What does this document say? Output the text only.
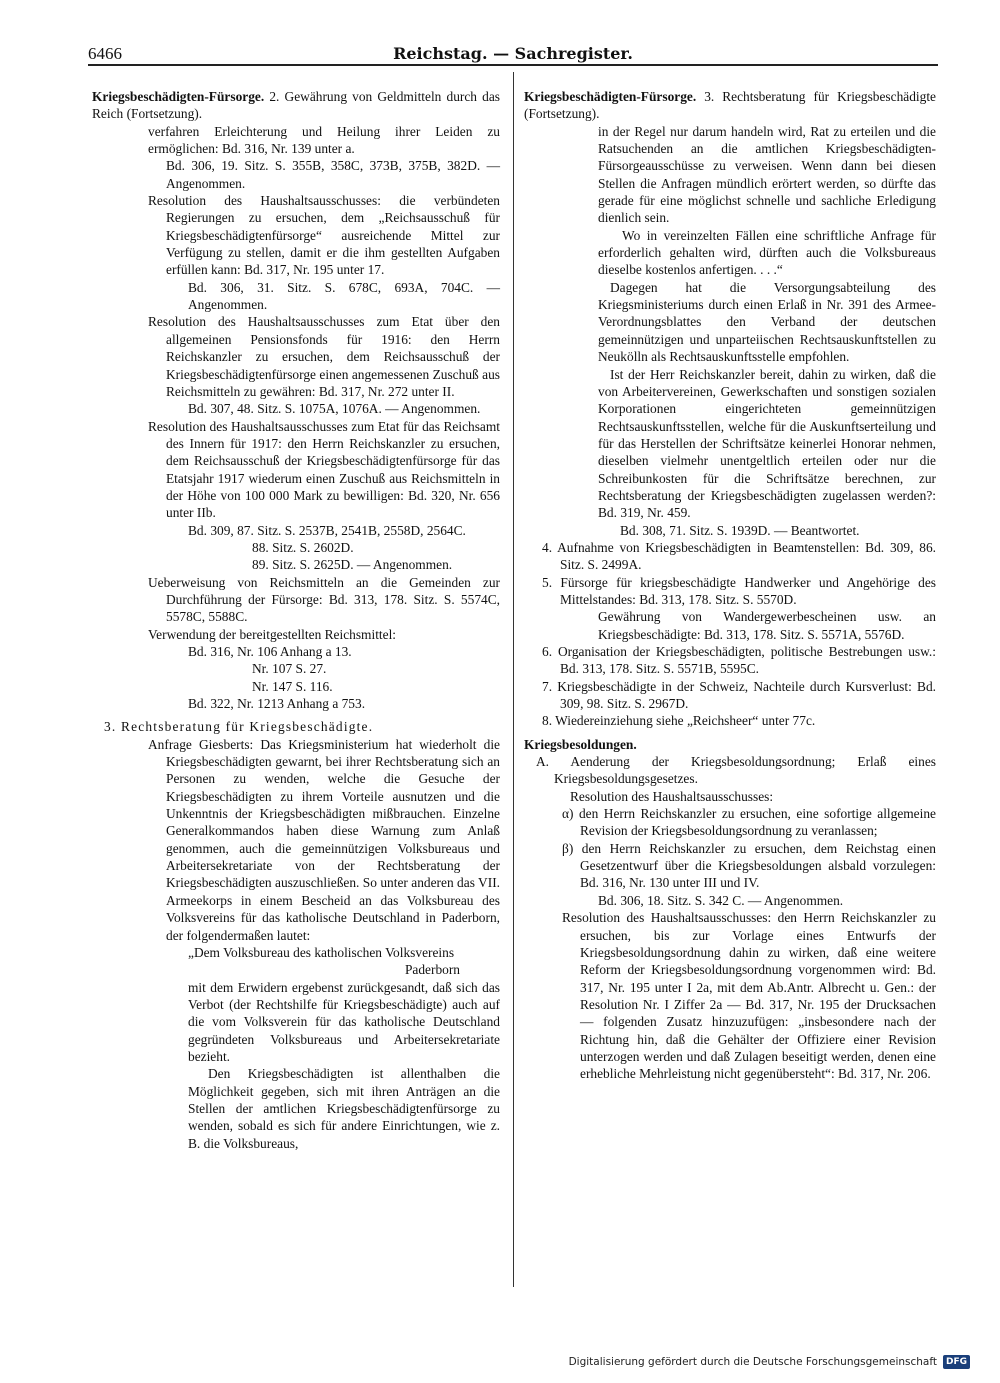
6466	Reichstag. — Sachregister.

Kriegsbeschädigten-Fürsorge. 2. Gewährung von Geldmitteln durch das Reich (Fortsetzung).

verfahren Erleichterung und Heilung ihrer Leiden zu ermöglichen: Bd. 316, Nr. 139 unter a.

Bd. 306, 19. Sitz. S. 355B, 358C, 373B, 375B, 382D. — Angenommen.

Resolution des Haushaltsausschusses: die verbündeten Regierungen zu ersuchen, dem „Reichsausschuß für Kriegsbeschädigtenfürsorge“ ausreichende Mittel zur Verfügung zu stellen, damit er die ihm gestellten Aufgaben erfüllen kann: Bd. 317, Nr. 195 unter 17.

Bd. 306, 31. Sitz. S. 678C, 693A, 704C. — Angenommen.

Resolution des Haushaltsausschusses zum Etat über den allgemeinen Pensionsfonds für 1916: den Herrn Reichskanzler zu ersuchen, dem Reichsausschuß der Kriegsbeschädigtenfürsorge einen angemessenen Zuschuß aus Reichsmitteln zu gewähren: Bd. 317, Nr. 272 unter II.

Bd. 307, 48. Sitz. S. 1075A, 1076A. — Angenommen.

Resolution des Haushaltsausschusses zum Etat für das Reichsamt des Innern für 1917: den Herrn Reichskanzler zu ersuchen, dem Reichsausschuß der Kriegsbeschädigtenfürsorge für das Etatsjahr 1917 wiederum einen Zuschuß aus Reichsmitteln in der Höhe von 100 000 Mark zu bewilligen: Bd. 320, Nr. 656 unter IIb.

Bd. 309, 87. Sitz. S. 2537B, 2541B, 2558D, 2564C.

88. Sitz. S. 2602D.

89. Sitz. S. 2625D. — Angenommen.

Ueberweisung von Reichsmitteln an die Gemeinden zur Durchführung der Fürsorge: Bd. 313, 178. Sitz. S. 5574C, 5578C, 5588C.

Verwendung der bereitgestellten Reichsmittel:

Bd. 316, Nr. 106 Anhang a 13.

Nr. 107 S. 27.

Nr. 147 S. 116.

Bd. 322, Nr. 1213 Anhang a 753.

3. Rechtsberatung für Kriegsbeschädigte.

Anfrage Giesberts: Das Kriegsministerium hat wiederholt die Kriegsbeschädigten gewarnt, bei ihrer Rechtsberatung sich an Personen zu wenden, welche die Gesuche der Kriegsbeschädigten zu ihrem Vorteile ausnutzen und die Unkenntnis der Kriegsbeschädigten mißbrauchen. Einzelne Generalkommandos haben diese Warnung zum Anlaß genommen, auch die gemeinnützigen Volksbureaus und Arbeitersekretariate von der Rechtsberatung der Kriegsbeschädigten auszuschließen. So unter anderen das VII. Armeekorps in einem Bescheid an das Volksbureau des Volksvereins für das katholische Deutschland in Paderborn, der folgendermaßen lautet:

„Dem Volksbureau des katholischen Volksvereins

Paderborn

mit dem Erwidern ergebenst zurückgesandt, daß sich das Verbot (der Rechtshilfe für Kriegsbeschädigte) auch auf die vom Volksverein für das katholische Deutschland gegründeten Volksbureaus und Arbeitersekretariate bezieht.

Den Kriegsbeschädigten ist allenthalben die Möglichkeit gegeben, sich mit ihren Anträgen an die Stellen der amtlichen Kriegsbeschädigtenfürsorge zu wenden, sobald es sich für andere Einrichtungen, wie z. B. die Volksbureaus,

Kriegsbeschädigten-Fürsorge. 3. Rechtsberatung für Kriegsbeschädigte (Fortsetzung).

in der Regel nur darum handeln wird, Rat zu erteilen und die Ratsuchenden an die amtlichen Kriegsbeschädigten-Fürsorgeausschüsse zu verweisen. Wenn dann bei diesen Stellen die Anfragen mündlich erörtert werden, so dürfte das gerade für eine möglichst schnelle und sachliche Erledigung dienlich sein.

Wo in vereinzelten Fällen eine schriftliche Anfrage für erforderlich gehalten wird, dürften auch die Volksbureaus dieselbe kostenlos anfertigen. . . .“

Dagegen hat die Versorgungsabteilung des Kriegsministeriums durch einen Erlaß in Nr. 391 des Armee-Verordnungsblattes den Verband der deutschen gemeinnützigen und unparteiischen Rechtsauskunftstellen zu Neukölln als Rechtsauskunftsstelle empfohlen.

Ist der Herr Reichskanzler bereit, dahin zu wirken, daß die von Arbeitervereinen, Gewerkschaften und sonstigen sozialen Korporationen eingerichteten gemeinnützigen Rechtsauskunftsstellen, welche für die Auskunftserteilung und für das Herstellen der Schriftsätze keinerlei Honorar nehmen, dieselben vielmehr unentgeltlich erteilen oder nur die Schreibunkosten für die Schriftsätze berechnen, zur Rechtsberatung der Kriegsbeschädigten zugelassen werden?: Bd. 319, Nr. 459.

Bd. 308, 71. Sitz. S. 1939D. — Beantwortet.

4. Aufnahme von Kriegsbeschädigten in Beamtenstellen: Bd. 309, 86. Sitz. S. 2499A.

5. Fürsorge für kriegsbeschädigte Handwerker und Angehörige des Mittelstandes: Bd. 313, 178. Sitz. S. 5570D.

Gewährung von Wandergewerbescheinen usw. an Kriegsbeschädigte: Bd. 313, 178. Sitz. S. 5571A, 5576D.

6. Organisation der Kriegsbeschädigten, politische Bestrebungen usw.: Bd. 313, 178. Sitz. S. 5571B, 5595C.

7. Kriegsbeschädigte in der Schweiz, Nachteile durch Kursverlust: Bd. 309, 98. Sitz. S. 2967D.

8. Wiedereinziehung siehe „Reichsheer“ unter 77c.

Kriegsbesoldungen.

A. Aenderung der Kriegsbesoldungsordnung; Erlaß eines Kriegsbesoldungsgesetzes.

Resolution des Haushaltsausschusses:

α) den Herrn Reichskanzler zu ersuchen, eine sofortige allgemeine Revision der Kriegsbesoldungsordnung zu veranlassen;

β) den Herrn Reichskanzler zu ersuchen, dem Reichstag einen Gesetzentwurf über die Kriegsbesoldungen alsbald vorzulegen: Bd. 316, Nr. 130 unter III und IV.

Bd. 306, 18. Sitz. S. 342 C. — Angenommen.

Resolution des Haushaltsausschusses: den Herrn Reichskanzler zu ersuchen, bis zur Vorlage eines Entwurfs der Kriegsbesoldungsordnung dahin zu wirken, daß eine weitere Reform der Kriegsbesoldungsordnung vorgenommen wird: Bd. 317, Nr. 195 unter I 2a, mit dem Ab.Antr. Albrecht u. Gen.: der Resolution Nr. I Ziffer 2a — Bd. 317, Nr. 195 der Drucksachen — folgenden Zusatz hinzuzufügen: „insbesondere nach der Richtung hin, daß die Gehälter der Offiziere einer Revision unterzogen werden und daß Zulagen beseitigt werden, denen eine erhebliche Mehrleistung nicht gegenübersteht“: Bd. 317, Nr. 206.

Digitalisierung gefördert durch die Deutsche Forschungsgemeinschaft	DFG
